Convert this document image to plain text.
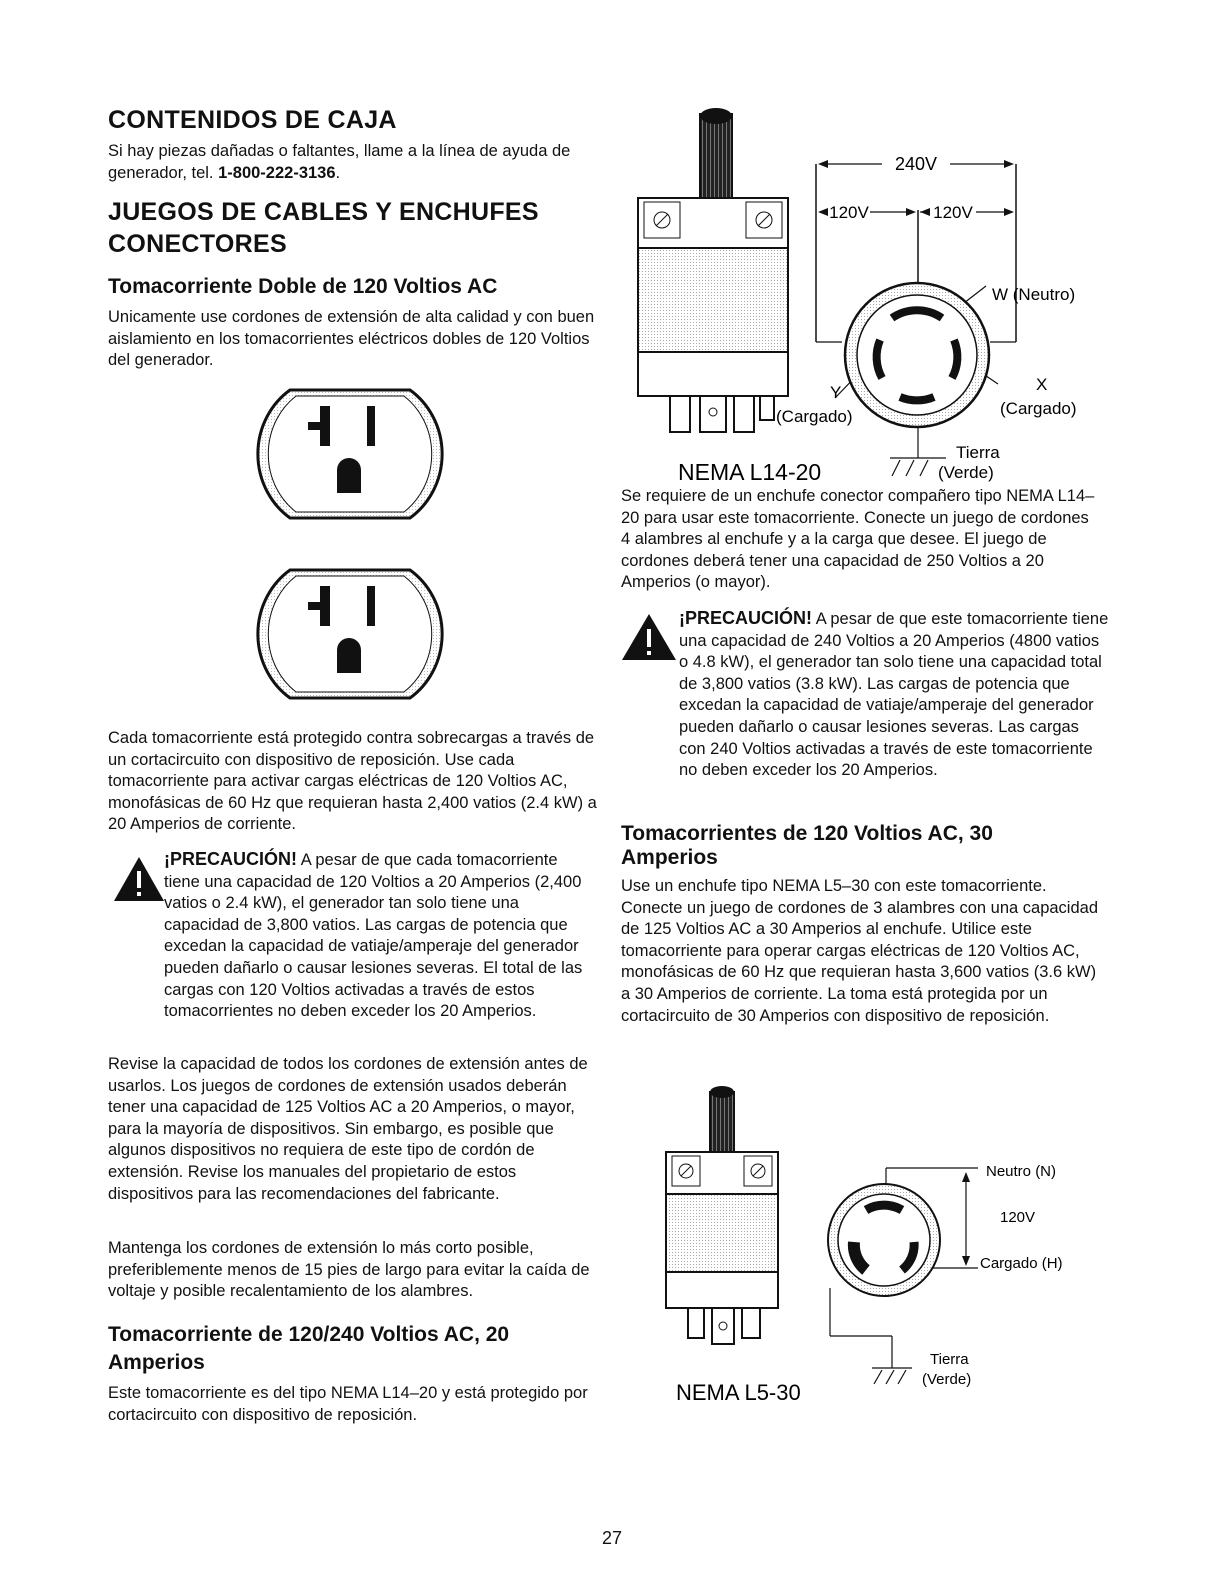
CONTENIDOS DE CAJA

Si hay piezas dañadas o faltantes, llame a la línea de ayuda de generador, tel. 1-800-222-3136.

JUEGOS DE CABLES Y ENCHUFES
CONECTORES
Tomacorriente Doble de 120 Voltios AC

Unicamente use cordones de extensión de alta calidad y con buen aislamiento en los tomacorrientes eléctricos dobles de 120 Voltios del generador.

Cada tomacorriente está protegido contra sobrecargas a través de un cortacircuito con dispositivo de reposición. Use cada tomacorriente para activar cargas eléctricas de 120 Voltios AC, monofásicas de 60 Hz que requieran hasta 2,400 vatios (2.4 kW) a 20 Amperios de corriente.

¡PRECAUCIÓN! A pesar de que cada tomacorriente tiene una capacidad de 120 Voltios a 20 Amperios (2,400 vatios o 2.4 kW), el generador tan solo tiene una capacidad de 3,800 vatios. Las cargas de potencia que excedan la capacidad de vatiaje/amperaje del generador pueden dañarlo o causar lesiones severas. El total de las cargas con 120 Voltios activadas a través de estos tomacorrientes no deben exceder los 20 Amperios.

Revise la capacidad de todos los cordones de extensión antes de usarlos. Los juegos de cordones de extensión usados deberán tener una capacidad de 125 Voltios AC a 20 Amperios, o mayor, para la mayoría de dispositivos. Sin embargo, es posible que algunos dispositivos no requiera de este tipo de cordón de extensión. Revise los manuales del propietario de estos dispositivos para las recomendaciones del fabricante.

Mantenga los cordones de extensión lo más corto posible, preferiblemente menos de 15 pies de largo para evitar la caída de voltaje y posible recalentamiento de los alambres.

Tomacorriente de 120/240 Voltios AC, 20 Amperios

Este tomacorriente es del tipo NEMA L14–20 y está protegido por cortacircuito con dispositivo de reposición.

240V
120V	120V
W (Neutro)
X
(Cargado)
Y
(Cargado)
Tierra
(Verde)
NEMA L14-20

Se requiere de un enchufe conector compañero tipo NEMA L14–20 para usar este tomacorriente. Conecte un juego de cordones 4 alambres al enchufe y a la carga que desee. El juego de cordones deberá tener una capacidad de 250 Voltios a 20 Amperios (o mayor).

¡PRECAUCIÓN! A pesar de que este tomacorriente tiene una capacidad de 240 Voltios a 20 Amperios (4800 vatios o 4.8 kW), el generador tan solo tiene una capacidad total de 3,800 vatios (3.8 kW). Las cargas de potencia que excedan la capacidad de vatiaje/amperaje del generador pueden dañarlo o causar lesiones severas. Las cargas con 240 Voltios activadas a través de este tomacorriente no deben exceder los 20 Amperios.

Tomacorrientes de 120 Voltios AC, 30 Amperios

Use un enchufe tipo NEMA L5–30 con este tomacorriente. Conecte un juego de cordones de 3 alambres con una capacidad de 125 Voltios AC a 30 Amperios al enchufe. Utilice este tomacorriente para operar cargas eléctricas de 120 Voltios AC, monofásicas de 60 Hz que requieran hasta 3,600 vatios (3.6 kW) a 30 Amperios de corriente. La toma está protegida por un cortacircuito de 30 Amperios con dispositivo de reposición.

Neutro (N)
120V
Cargado (H)
Tierra
(Verde)
NEMA L5-30
27
